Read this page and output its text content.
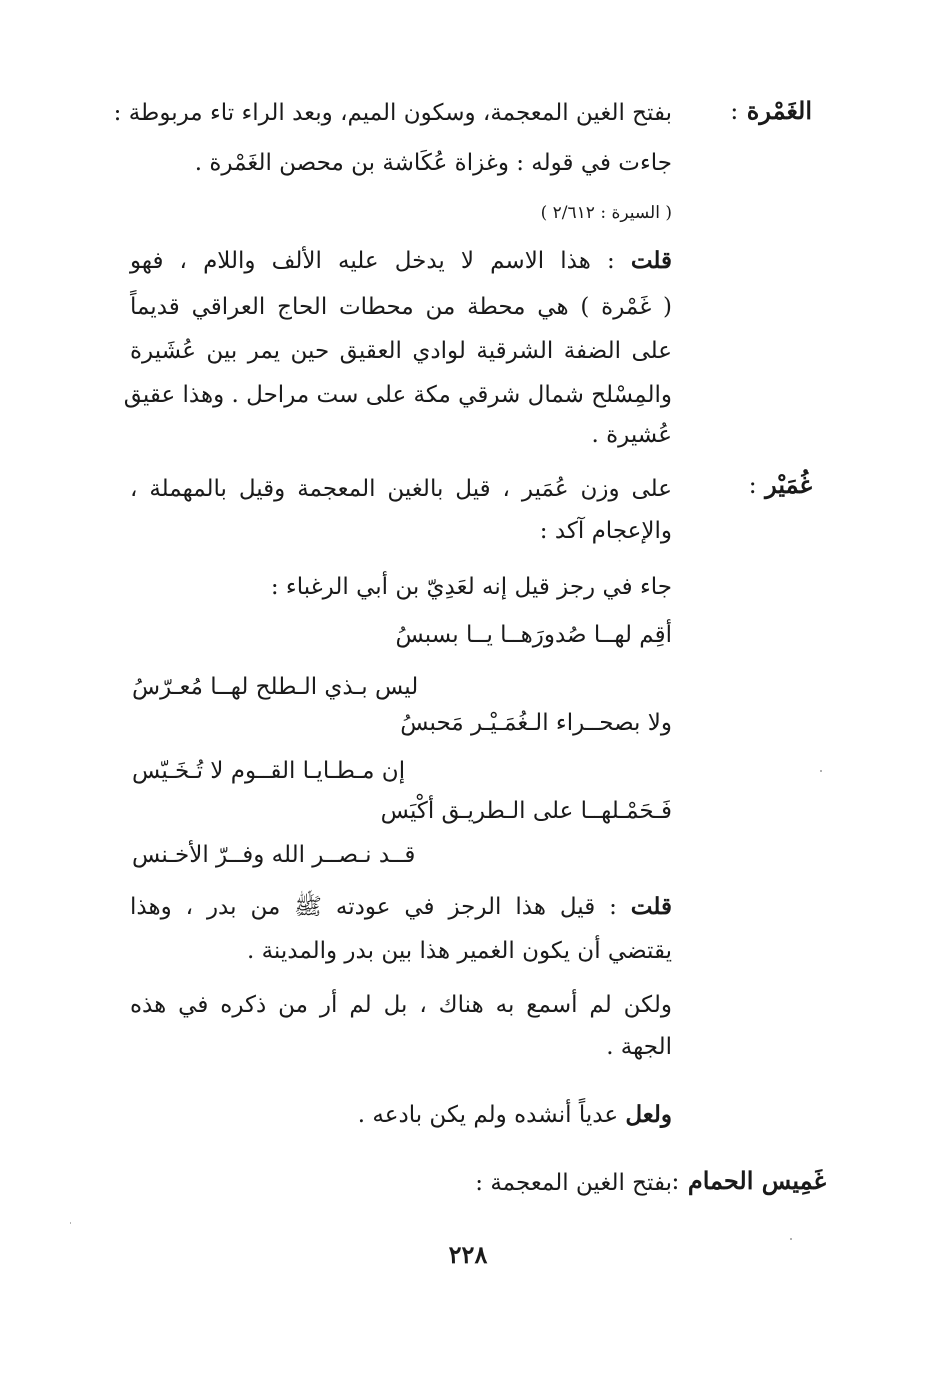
الغَمْرة :
بفتح الغين المعجمة، وسكون الميم، وبعد الراء تاء مربوطة :
جاءت في قوله : وغزاة عُكَاشة بن محصن الغَمْرة .
( السيرة : ٢/٦١٢ )
قلت : هذا الاسم لا يدخل عليه الألف واللام ، فهو
( غَمْرة ) هي محطة من محطات الحاج العراقي قديماً
على الضفة الشرقية لوادي العقيق حين يمر بين عُشَيرة
والمِسْلح شمال شرقي مكة على ست مراحل . وهذا عقيق
عُشيرة .
غُمَيْر :
على وزن عُمَير ، قيل بالغين المعجمة وقيل بالمهملة ،
والإعجام آكد :
جاء في رجز قيل إنه لعَدِيّ بن أبي الرغباء :
أقِم لهــا صُدورَهــا يــا بسبسُ
ليس بـذي الـطلح لهــا مُعـرّسُ
ولا بصحــراء الـغُمَـيْـر مَحبسُ
إن مـطـايـا القــوم لا تُـخَـيّس
فَـحَمْـلهــا على الـطريـق أكْيَس
قــد نـصــر الله وفــرّ الأخـنس
قلت : قيل هذا الرجز في عودته ﷺ من بدر ، وهذا
يقتضي أن يكون الغمير هذا بين بدر والمدينة .
ولكن لم أسمع به هناك ، بل لم أر من ذكره في هذه
الجهة .
ولعل عدياً أنشده ولم يكن بادعه .
غَمِيس الحمام :
بفتح الغين المعجمة :
٢٢٨
